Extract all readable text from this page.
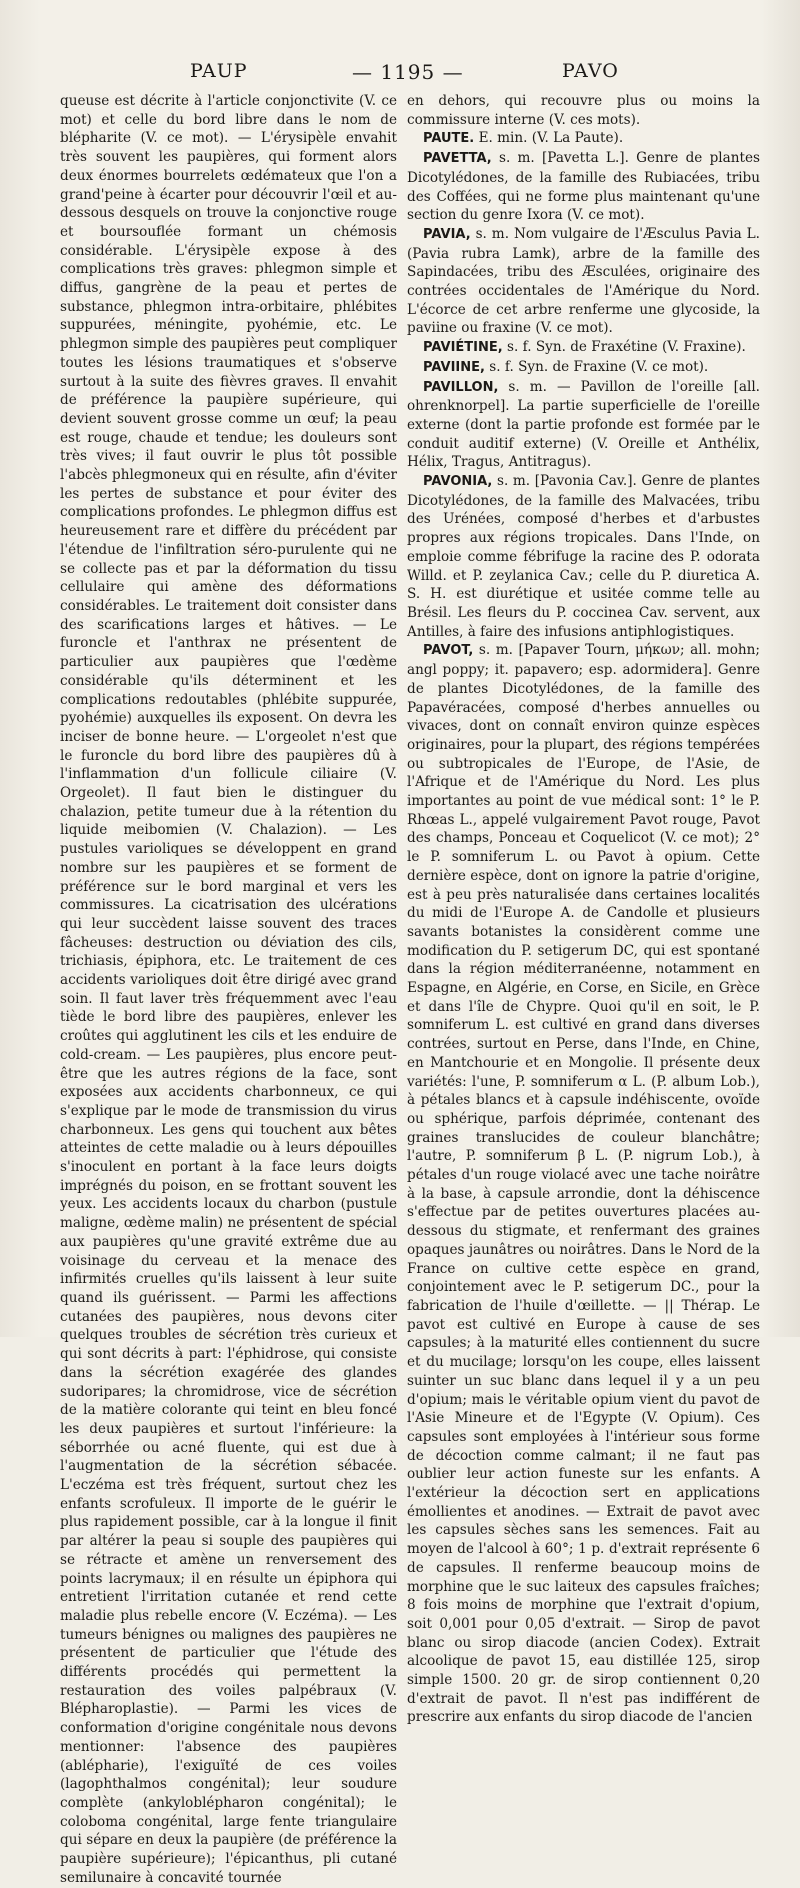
PAUP	— 1195 —	PAVO

queuse est décrite à l'article conjonctivite (V. ce mot) et celle du bord libre dans le nom de blépharite (V. ce mot). — L'érysipèle envahit très souvent les paupières, qui forment alors deux énormes bourrelets œdémateux que l'on a grand'peine à écarter pour découvrir l'œil et au-dessous desquels on trouve la conjonctive rouge et boursouflée formant un chémosis considérable. L'érysipèle expose à des complications très graves: phlegmon simple et diffus, gangrène de la peau et pertes de substance, phlegmon intra-orbitaire, phlébites suppurées, méningite, pyohémie, etc. Le phlegmon simple des paupières peut compliquer toutes les lésions traumatiques et s'observe surtout à la suite des fièvres graves. Il envahit de préférence la paupière supérieure, qui devient souvent grosse comme un œuf; la peau est rouge, chaude et tendue; les douleurs sont très vives; il faut ouvrir le plus tôt possible l'abcès phlegmoneux qui en résulte, afin d'éviter les pertes de substance et pour éviter des complications profondes. Le phlegmon diffus est heureusement rare et diffère du précédent par l'étendue de l'infiltration séro-purulente qui ne se collecte pas et par la déformation du tissu cellulaire qui amène des déformations considérables. Le traitement doit consister dans des scarifications larges et hâtives. — Le furoncle et l'anthrax ne présentent de particulier aux paupières que l'œdème considérable qu'ils déterminent et les complications redoutables (phlébite suppurée, pyohémie) auxquelles ils exposent. On devra les inciser de bonne heure. — L'orgeolet n'est que le furoncle du bord libre des paupières dû à l'inflammation d'un follicule ciliaire (V. Orgeolet). Il faut bien le distinguer du chalazion, petite tumeur due à la rétention du liquide meibomien (V. Chalazion). — Les pustules varioliques se développent en grand nombre sur les paupières et se forment de préférence sur le bord marginal et vers les commissures. La cicatrisation des ulcérations qui leur succèdent laisse souvent des traces fâcheuses: destruction ou déviation des cils, trichiasis, épiphora, etc. Le traitement de ces accidents varioliques doit être dirigé avec grand soin. Il faut laver très fréquemment avec l'eau tiède le bord libre des paupières, enlever les croûtes qui agglutinent les cils et les enduire de cold-cream. — Les paupières, plus encore peut-être que les autres régions de la face, sont exposées aux accidents charbonneux, ce qui s'explique par le mode de transmission du virus charbonneux. Les gens qui touchent aux bêtes atteintes de cette maladie ou à leurs dépouilles s'inoculent en portant à la face leurs doigts imprégnés du poison, en se frottant souvent les yeux. Les accidents locaux du charbon (pustule maligne, œdème malin) ne présentent de spécial aux paupières qu'une gravité extrême due au voisinage du cerveau et la menace des infirmités cruelles qu'ils laissent à leur suite quand ils guérissent. — Parmi les affections cutanées des paupières, nous devons citer quelques troubles de sécrétion très curieux et qui sont décrits à part: l'éphidrose, qui consiste dans la sécrétion exagérée des glandes sudoripares; la chromidrose, vice de sécrétion de la matière colorante qui teint en bleu foncé les deux paupières et surtout l'inférieure: la séborrhée ou acné fluente, qui est due à l'augmentation de la sécrétion sébacée. L'eczéma est très fréquent, surtout chez les enfants scrofuleux. Il importe de le guérir le plus rapidement possible, car à la longue il finit par altérer la peau si souple des paupières qui se rétracte et amène un renversement des points lacrymaux; il en résulte un épiphora qui entretient l'irritation cutanée et rend cette maladie plus rebelle encore (V. Eczéma). — Les tumeurs bénignes ou malignes des paupières ne présentent de particulier que l'étude des différents procédés qui permettent la restauration des voiles palpébraux (V. Blépharoplastie). — Parmi les vices de conformation d'origine congénitale nous devons mentionner: l'absence des paupières (ablépharie), l'exiguïté de ces voiles (lagophthalmos congénital); leur soudure complète (ankyloblépharon congénital); le coloboma congénital, large fente triangulaire qui sépare en deux la paupière (de préférence la paupière supérieure); l'épicanthus, pli cutané semilunaire à concavité tournée

en dehors, qui recouvre plus ou moins la commissure interne (V. ces mots).

PAUTE. E. min. (V. La Paute).

PAVETTA, s. m. [Pavetta L.]. Genre de plantes Dicotylédones, de la famille des Rubiacées, tribu des Coffées, qui ne forme plus maintenant qu'une section du genre Ixora (V. ce mot).

PAVIA, s. m. Nom vulgaire de l'Æsculus Pavia L. (Pavia rubra Lamk), arbre de la famille des Sapindacées, tribu des Æsculées, originaire des contrées occidentales de l'Amérique du Nord. L'écorce de cet arbre renferme une glycoside, la paviine ou fraxine (V. ce mot).

PAVIÉTINE, s. f. Syn. de Fraxétine (V. Fraxine).

PAVIINE, s. f. Syn. de Fraxine (V. ce mot).

PAVILLON, s. m. — Pavillon de l'oreille [all. ohrenknorpel]. La partie superficielle de l'oreille externe (dont la partie profonde est formée par le conduit auditif externe) (V. Oreille et Anthélix, Hélix, Tragus, Antitragus).

PAVONIA, s. m. [Pavonia Cav.]. Genre de plantes Dicotylédones, de la famille des Malvacées, tribu des Urénées, composé d'herbes et d'arbustes propres aux régions tropicales. Dans l'Inde, on emploie comme fébrifuge la racine des P. odorata Willd. et P. zeylanica Cav.; celle du P. diuretica A. S. H. est diurétique et usitée comme telle au Brésil. Les fleurs du P. coccinea Cav. servent, aux Antilles, à faire des infusions antiphlogistiques.

PAVOT, s. m. [Papaver Tourn, μήκων; all. mohn; angl poppy; it. papavero; esp. adormidera]. Genre de plantes Dicotylédones, de la famille des Papavéracées, composé d'herbes annuelles ou vivaces, dont on connaît environ quinze espèces originaires, pour la plupart, des régions tempérées ou subtropicales de l'Europe, de l'Asie, de l'Afrique et de l'Amérique du Nord. Les plus importantes au point de vue médical sont: 1° le P. Rhœas L., appelé vulgairement Pavot rouge, Pavot des champs, Ponceau et Coquelicot (V. ce mot); 2° le P. somniferum L. ou Pavot à opium. Cette dernière espèce, dont on ignore la patrie d'origine, est à peu près naturalisée dans certaines localités du midi de l'Europe A. de Candolle et plusieurs savants botanistes la considèrent comme une modification du P. setigerum DC, qui est spontané dans la région méditerranéenne, notamment en Espagne, en Algérie, en Corse, en Sicile, en Grèce et dans l'île de Chypre. Quoi qu'il en soit, le P. somniferum L. est cultivé en grand dans diverses contrées, surtout en Perse, dans l'Inde, en Chine, en Mantchourie et en Mongolie. Il présente deux variétés: l'une, P. somniferum α L. (P. album Lob.), à pétales blancs et à capsule indéhiscente, ovoïde ou sphérique, parfois déprimée, contenant des graines translucides de couleur blanchâtre; l'autre, P. somniferum β L. (P. nigrum Lob.), à pétales d'un rouge violacé avec une tache noirâtre à la base, à capsule arrondie, dont la déhiscence s'effectue par de petites ouvertures placées au-dessous du stigmate, et renfermant des graines opaques jaunâtres ou noirâtres. Dans le Nord de la France on cultive cette espèce en grand, conjointement avec le P. setigerum DC., pour la fabrication de l'huile d'œillette. — || Thérap. Le pavot est cultivé en Europe à cause de ses capsules; à la maturité elles contiennent du sucre et du mucilage; lorsqu'on les coupe, elles laissent suinter un suc blanc dans lequel il y a un peu d'opium; mais le véritable opium vient du pavot de l'Asie Mineure et de l'Egypte (V. Opium). Ces capsules sont employées à l'intérieur sous forme de décoction comme calmant; il ne faut pas oublier leur action funeste sur les enfants. A l'extérieur la décoction sert en applications émollientes et anodines. — Extrait de pavot avec les capsules sèches sans les semences. Fait au moyen de l'alcool à 60°; 1 p. d'extrait représente 6 de capsules. Il renferme beaucoup moins de morphine que le suc laiteux des capsules fraîches; 8 fois moins de morphine que l'extrait d'opium, soit 0,001 pour 0,05 d'extrait. — Sirop de pavot blanc ou sirop diacode (ancien Codex). Extrait alcoolique de pavot 15, eau distillée 125, sirop simple 1500. 20 gr. de sirop contiennent 0,20 d'extrait de pavot. Il n'est pas indifférent de prescrire aux enfants du sirop diacode de l'ancien
